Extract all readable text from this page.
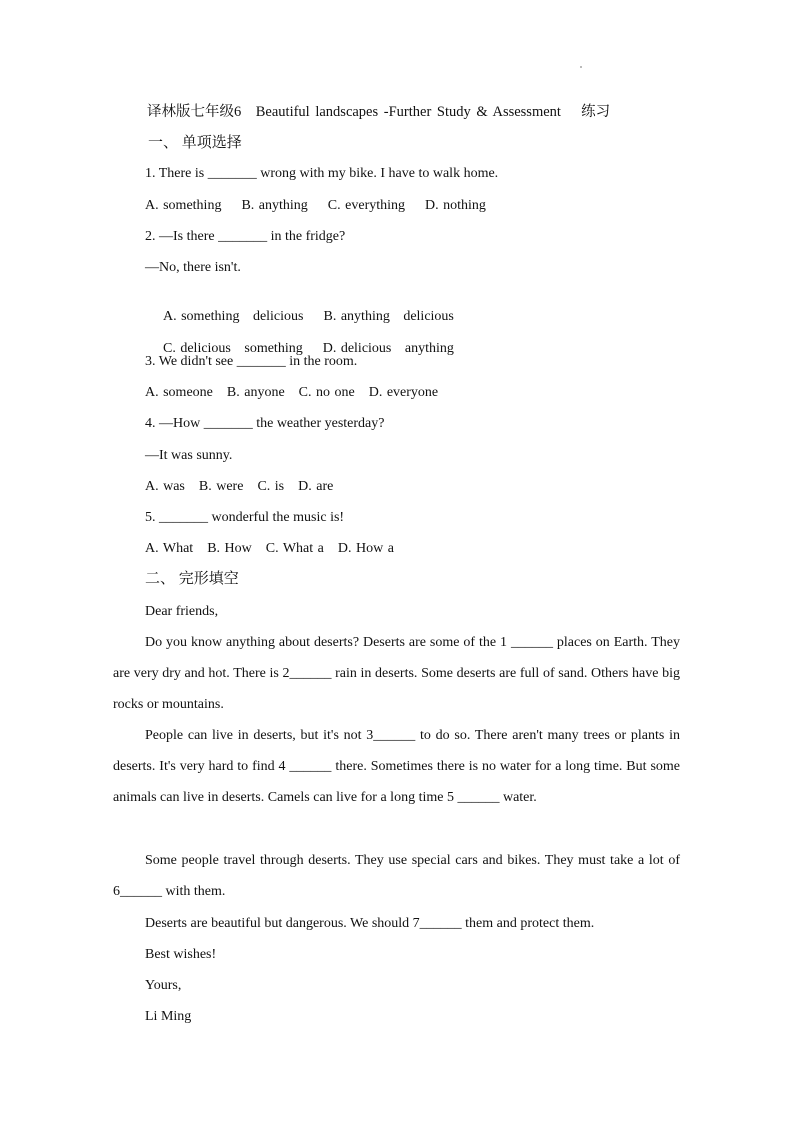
译林版七年级6　Beautiful landscapes -Further Study & Assessment　 练习
一、 单项选择
1. There is _______ wrong with my bike. I have to walk home.
A. something B. anything C. everything D. nothing
2. —Is there _______ in the fridge?
—No, there isn't.

A. something   delicious B. anything   delicious

C. delicious   something D. delicious   anything

3. We didn't see _______ in the room.
A. someone B. anyone C. no one D. everyone
4. —How _______ the weather yesterday?
—It was sunny.
A. was B. were C. is D. are
5. _______ wonderful the music is!
A. What B. How C. What a D. How a
二、 完形填空
Dear friends,
Do you know anything about deserts? Deserts are some of the 1 ______ places on Earth. They are very dry and hot. There is 2______ rain in deserts. Some deserts are full of sand. Others have big rocks or mountains.
People can live in deserts, but it's not 3______ to do so. There aren't many trees or plants in deserts. It's very hard to find 4 ______ there. Sometimes there is no water for a long time. But some animals can live in deserts. Camels can live for a long time 5 ______ water.
Some people travel through deserts. They use special cars and bikes. They must take a lot of 6______ with them.
Deserts are beautiful but dangerous. We should 7______ them and protect them.
Best wishes!
Yours,
Li Ming
